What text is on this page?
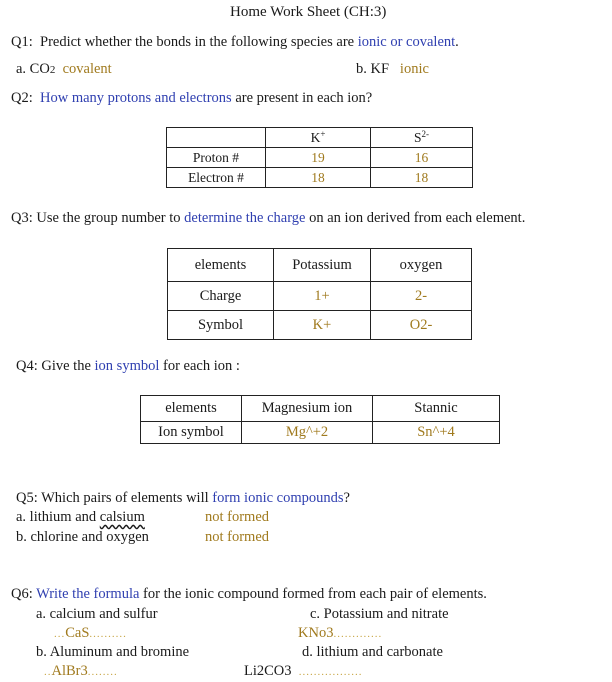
Home Work Sheet (CH:3)
Q1: Predict whether the bonds in the following species are ionic or covalent.
a. CO2 covalent	b. KF ionic
Q2: How many protons and electrons are present in each ion?
	K+	$S^{2-}$
Proton #	19	16
Electron #	18	18
Q3: Use the group number to determine the charge on an ion derived from each element.
elements	Potassium	oxygen
Charge	1+	2-
Symbol	K+	O2-
Q4: Give the ion symbol for each ion :
elements	Magnesium ion	Stannic
Ion symbol	Mg^+2	Sn^+4
Q5: Which pairs of elements will form ionic compounds?
a. lithium and calsium	not formed
b. chlorine and oxygen	not formed
Q6: Write the formula for the ionic compound formed from each pair of elements.
a. calcium and sulfur	c. Potassium and nitrate
...CaS..........	KNo3.............
b. Aluminum and bromine	d. lithium and carbonate
..AlBr3........	Li2CO3 .................
